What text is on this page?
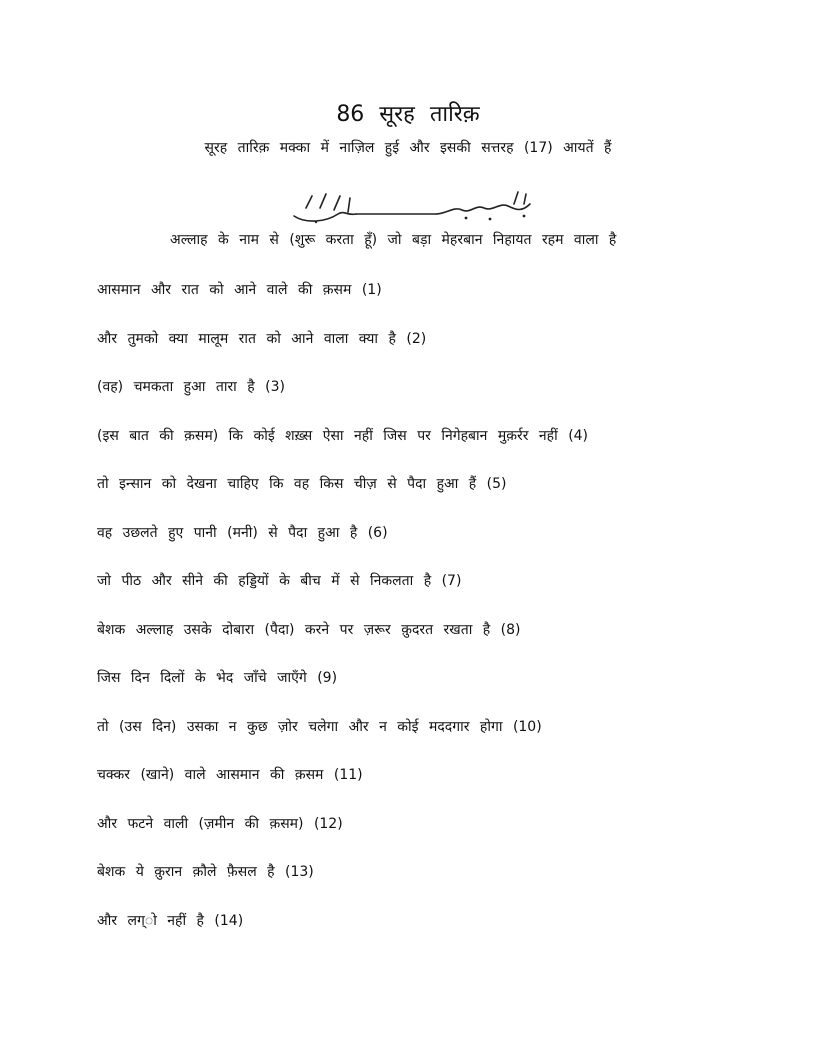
86 सूरह तारिक़
सूरह तारिक़ मक्का में नाज़िल हुई और इसकी सत्तरह (17) आयतें हैं
अल्लाह के नाम से (शुरू करता हूँ) जो बड़ा मेहरबान निहायत रहम वाला है
आसमान और रात को आने वाले की क़सम (1)
और तुमको क्या मालूम रात को आने वाला क्या है (2)
(वह) चमकता हुआ तारा है (3)
(इस बात की क़सम) कि कोई शख़्स ऐसा नहीं जिस पर निगेहबान मुक़र्रर नहीं (4)
तो इन्सान को देखना चाहिए कि वह किस चीज़ से पैदा हुआ हैं (5)
वह उछलते हुए पानी (मनी) से पैदा हुआ है (6)
जो पीठ और सीने की हड्डियों के बीच में से निकलता है (7)
बेशक अल्लाह उसके दोबारा (पैदा) करने पर ज़रूर क़ुदरत रखता है (8)
जिस दिन दिलों के भेद जाँचे जाएँगे (9)
तो (उस दिन) उसका न कुछ ज़ोर चलेगा और न कोई मददगार होगा (10)
चक्कर (खाने) वाले आसमान की क़सम (11)
और फटने वाली (ज़मीन की क़सम) (12)
बेशक ये क़ुरान क़ौले फ़ैसल है (13)
और लग्ो नहीं है (14)
